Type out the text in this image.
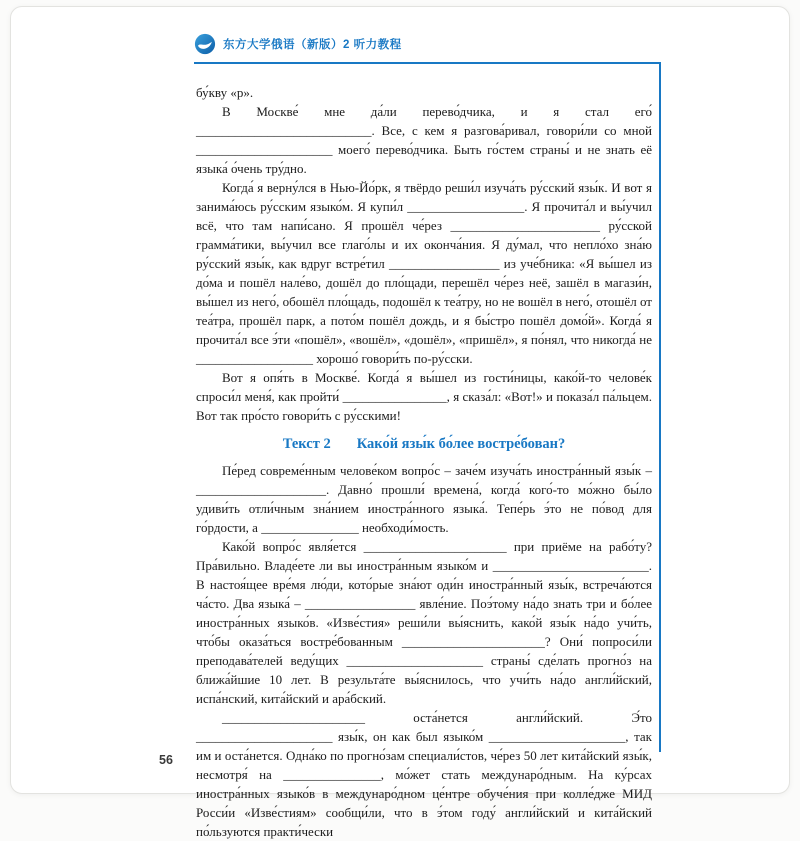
东方大学俄语（新版）2 听力教程

бу́кву «р».

В Москве́ мне да́ли перево́дчика, и я стал его́ ___________________________. Все, с кем я разгова́ривал, говори́ли со мной _____________________ моего́ перево́дчика. Быть го́стем страны́ и не знать её языка́ о́чень тру́дно.

Когда́ я верну́лся в Нью-Йо́рк, я твёрдо реши́л изуча́ть ру́сский язы́к. И вот я занима́юсь ру́сским языко́м. Я купи́л __________________. Я прочита́л и вы́учил всё, что там напи́сано. Я прошёл че́рез _______________________ ру́сской грамма́тики, вы́учил все глаго́лы и их оконча́ния. Я ду́мал, что непло́хо зна́ю ру́сский язы́к, как вдруг встре́тил _________________ из уче́бника: «Я вы́шел из до́ма и пошёл нале́во, дошёл до пло́щади, перешёл че́рез неё, зашёл в магази́н, вы́шел из него́, обошёл пло́щадь, подошёл к теа́тру, но не вошёл в него́, отошёл от теа́тра, прошёл парк, а пото́м пошёл дождь, и я бы́стро пошёл домо́й». Когда́ я прочита́л все э́ти «пошёл», «вошёл», «дошёл», «пришёл», я по́нял, что никогда́ не __________________ хорошо́ говори́ть по-ру́сски.

Вот я опя́ть в Москве́. Когда́ я вы́шел из гости́ницы, како́й-то челове́к спроси́л меня́, как пройти́ ________________, я сказа́л: «Вот!» и показа́л па́льцем. Вот так про́сто говори́ть с ру́сскими!

Текст 2 Како́й язы́к бо́лее востре́бован?

Пе́ред совреме́нным челове́ком вопро́с – заче́м изуча́ть иностра́нный язы́к – ____________________. Давно́ прошли́ времена́, когда́ кого́-то мо́жно бы́ло удиви́ть отли́чным зна́нием иностра́нного языка́. Тепе́рь э́то не по́вод для го́рдости, а _______________ необходи́мость.

Како́й вопро́с явля́ется ______________________ при приёме на рабо́ту? Пра́вильно. Владе́ете ли вы иностра́нным языко́м и ________________________. В настоя́щее вре́мя лю́ди, кото́рые зна́ют оди́н иностра́нный язы́к, встреча́ются ча́сто. Два языка́ – _________________ явле́ние. Поэ́тому на́до знать три и бо́лее иностра́нных языко́в. «Изве́стия» реши́ли вы́яснить, како́й язы́к на́до учи́ть, что́бы оказа́ться востре́бованным ______________________? Они́ попроси́ли преподава́телей веду́щих _____________________ страны́ сде́лать прогно́з на ближа́йшие 10 лет. В результа́те вы́яснилось, что учи́ть на́до англи́йский, испа́нский, кита́йский и ара́бский.

______________________ оста́нется англи́йский. Э́то _____________________ язы́к, он как был языко́м _____________________, так им и оста́нется. Одна́ко по прогно́зам специали́стов, че́рез 50 лет кита́йский язы́к, несмотря́ на _______________, мо́жет стать междунаро́дным. На ку́рсах иностра́нных языко́в в междунаро́дном це́нтре обуче́ния при колле́дже МИД Росси́и «Изве́стиям» сообщи́ли, что в э́том году́ англи́йский и кита́йский по́льзуются практи́чески

56
